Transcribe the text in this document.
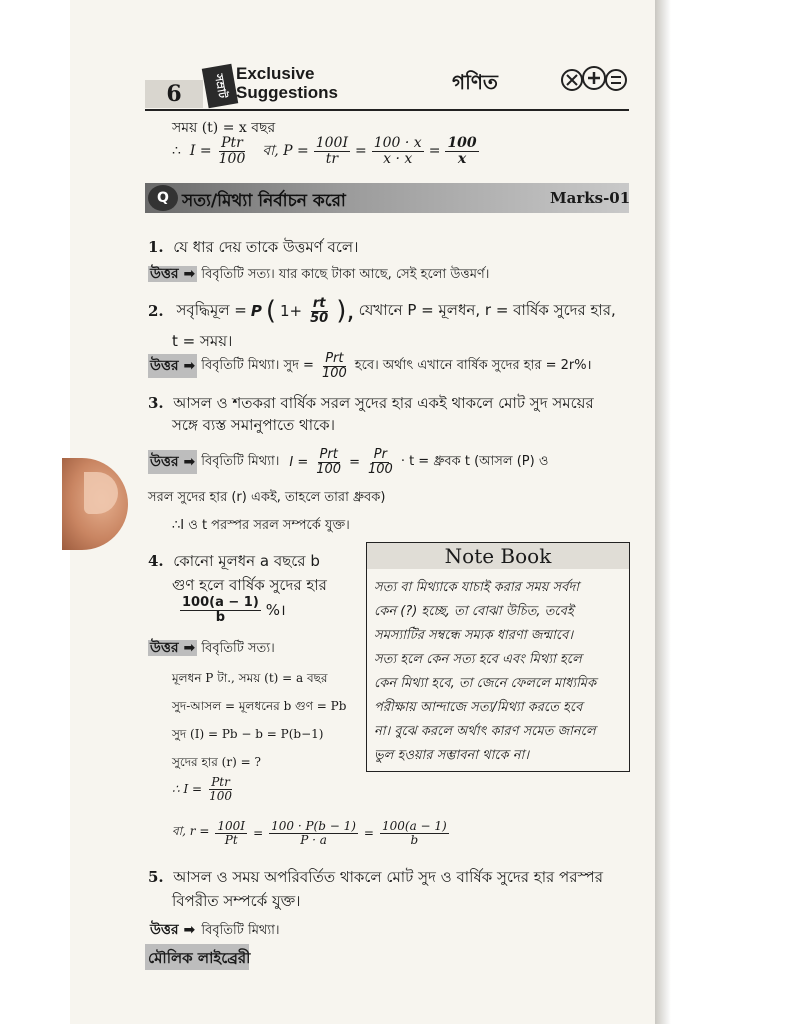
6	সম্রাট Exclusive
Suggestions	গণিত
সময় (t) = x বছর
∴ $I = \frac{\text{Ptr}}{100}$ বা, $P = \frac{100I}{tr} = \frac{100 \cdot x}{x \cdot x} = \frac{100}{x}$
Q সত্য/মিথ্যা নির্বাচন করো	Marks-01
1. যে ধার দেয় তাকে উত্তমর্ণ বলে।
উত্তর ➡ বিবৃতিটি সত্য। যার কাছে টাকা আছে, সেই হলো উত্তমর্ণ।
2.
সবৃদ্ধিমূল = P ( $1+ \frac{rt}{50}$ ), যেখানে P = মূলধন, r = বার্ষিক সুদের হার,
t = সময়।
উত্তর ➡ বিবৃতিটি মিথ্যা। সুদ = $\frac{\text{Prt}}{100}$ হবে। অর্থাৎ এখানে বার্ষিক সুদের হার = 2r%।
3. আসল ও শতকরা বার্ষিক সরল সুদের হার একই থাকলে মোট সুদ সময়ের
সঙ্গে ব্যস্ত সমানুপাতে থাকে।
উত্তর ➡ বিবৃতিটি মিথ্যা। $I = \frac{\text{Prt}}{100} = \frac{Pr}{100} \cdot t$ = ধ্রুবক t (আসল (P) ও
সরল সুদের হার (r) একই, তাহলে তারা ধ্রুবক)
∴I ও t পরস্পর সরল সম্পর্কে যুক্ত।
4. কোনো মূলধন a বছরে b
গুণ হলে বার্ষিক সুদের হার
$\frac{100(a - 1)}{b}$ %।
উত্তর ➡ বিবৃতিটি সত্য।
মূলধন P টা., সময় (t) = a বছর
সুদ-আসল = মূলধনের b গুণ = Pb
সুদ (I) = Pb − b = P(b−1)
সুদের হার (r) = ?
∴ $I = \frac{\text{Ptr}}{100}$
বা, $r = \frac{100I}{Pt} = \frac{100 \cdot P(b - 1)}{P \cdot a} = \frac{100(a - 1)}{b}$
Note Book
সত্য বা মিথ্যাকে যাচাই করার সময় সর্বদা
কেন (?) হচ্ছে, তা বোঝা উচিত, তবেই
সমস্যাটির সম্বন্ধে সম্যক ধারণা জন্মাবে।
সত্য হলে কেন সত্য হবে এবং মিথ্যা হলে
কেন মিথ্যা হবে, তা জেনে ফেললে মাধ্যমিক
পরীক্ষায় আন্দাজে সত্য/মিথ্যা করতে হবে
না। বুঝে করলে অর্থাৎ কারণ সমেত জানলে
ভুল হওয়ার সম্ভাবনা থাকে না।
5. আসল ও সময় অপরিবর্তিত থাকলে মোট সুদ ও বার্ষিক সুদের হার পরস্পর
বিপরীত সম্পর্কে যুক্ত।
উত্তর ➡ বিবৃতিটি মিথ্যা।
মৌলিক লাইব্রেরী
